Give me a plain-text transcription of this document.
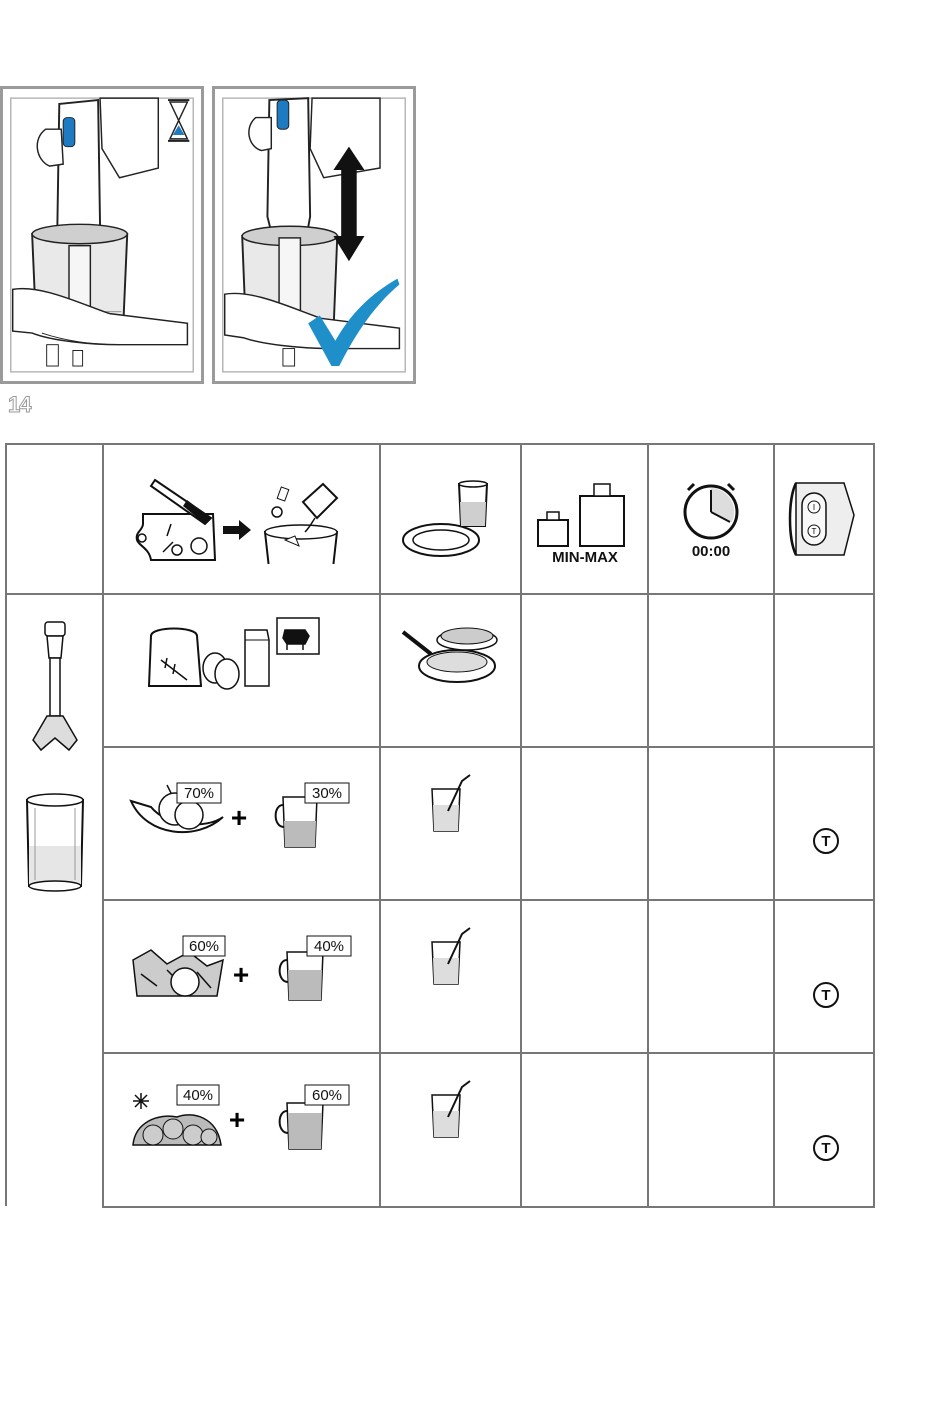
14
MIN-MAX	00:00
I
T
70%
+
30%
T
60%
+
40%
T
40%
+
60%
T
